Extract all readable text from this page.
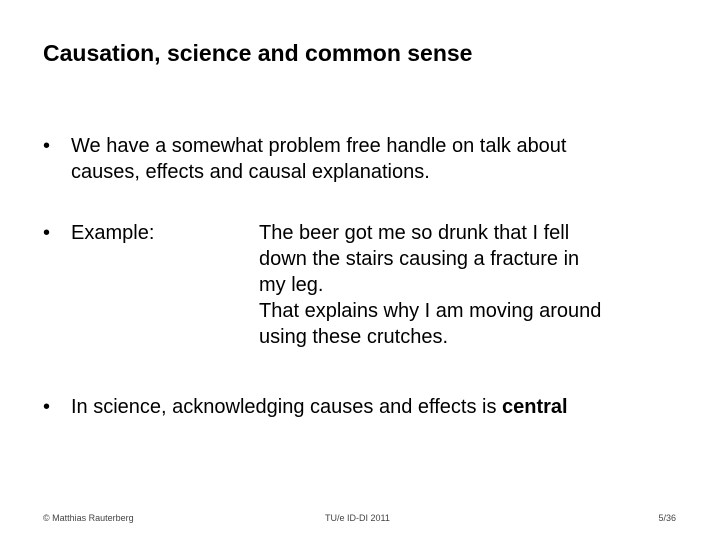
Causation, science and common sense
• We have a somewhat problem free handle on talk about
causes, effects and causal explanations.
• Example:	The beer got me so drunk that I fell
down the stairs causing a fracture in
my leg.
That explains why I am moving around
using these crutches.
• In science, acknowledging causes and effects is central
© Matthias Rauterberg	TU/e ID-DI 2011	5/36
